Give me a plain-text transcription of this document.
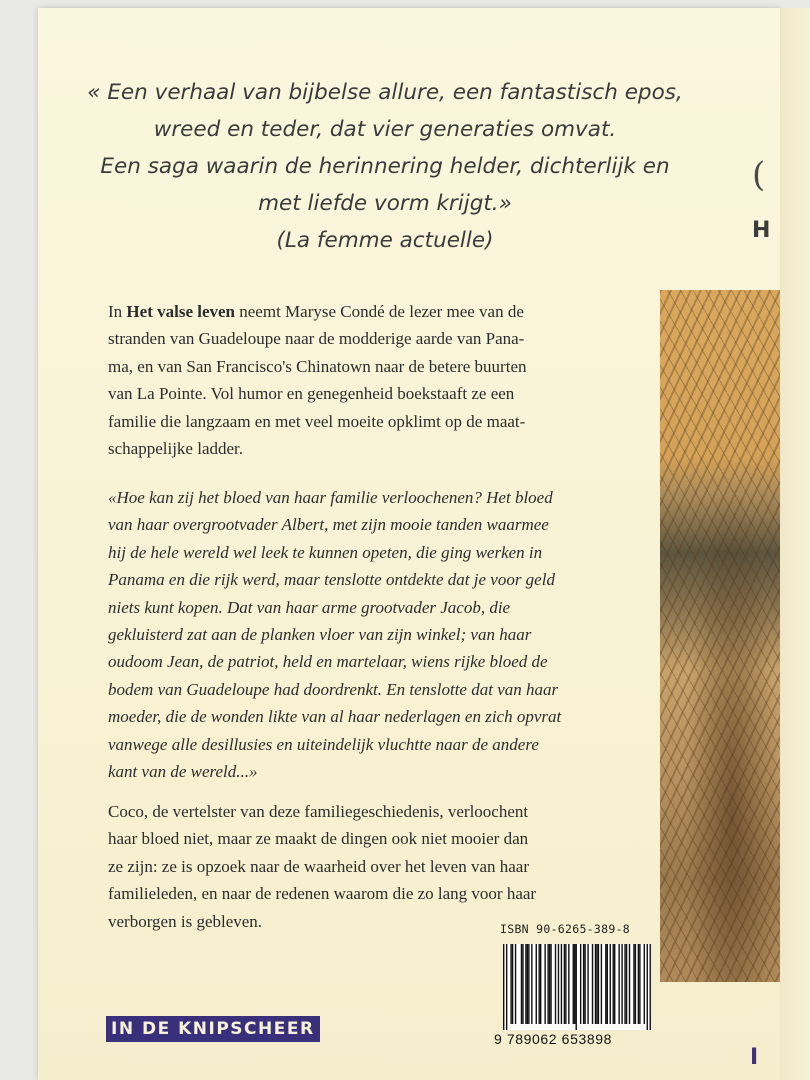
(
H
I
« Een verhaal van bijbelse allure, een fantastisch epos,
wreed en teder, dat vier generaties omvat.
Een saga waarin de herinnering helder, dichterlijk en
met liefde vorm krijgt.»
(La femme actuelle)
In Het valse leven neemt Maryse Condé de lezer mee van de
stranden van Guadeloupe naar de modderige aarde van Pana-
ma, en van San Francisco's Chinatown naar de betere buurten
van La Pointe. Vol humor en genegenheid boekstaaft ze een
familie die langzaam en met veel moeite opklimt op de maat-
schappelijke ladder.
«Hoe kan zij het bloed van haar familie verloochenen? Het bloed
van haar overgrootvader Albert, met zijn mooie tanden waarmee
hij de hele wereld wel leek te kunnen opeten, die ging werken in
Panama en die rijk werd, maar tenslotte ontdekte dat je voor geld
niets kunt kopen. Dat van haar arme grootvader Jacob, die
gekluisterd zat aan de planken vloer van zijn winkel; van haar
oudoom Jean, de patriot, held en martelaar, wiens rijke bloed de
bodem van Guadeloupe had doordrenkt. En tenslotte dat van haar
moeder, die de wonden likte van al haar nederlagen en zich opvrat
vanwege alle desillusies en uiteindelijk vluchtte naar de andere
kant van de wereld...»
Coco, de vertelster van deze familiegeschiedenis, verloochent
haar bloed niet, maar ze maakt de dingen ook niet mooier dan
ze zijn: ze is opzoek naar de waarheid over het leven van haar
familieleden, en naar de redenen waarom die zo lang voor haar
verborgen is gebleven.	ISBN 90-6265-389-8
9 789062 653898
IN DE KNIPSCHEER
